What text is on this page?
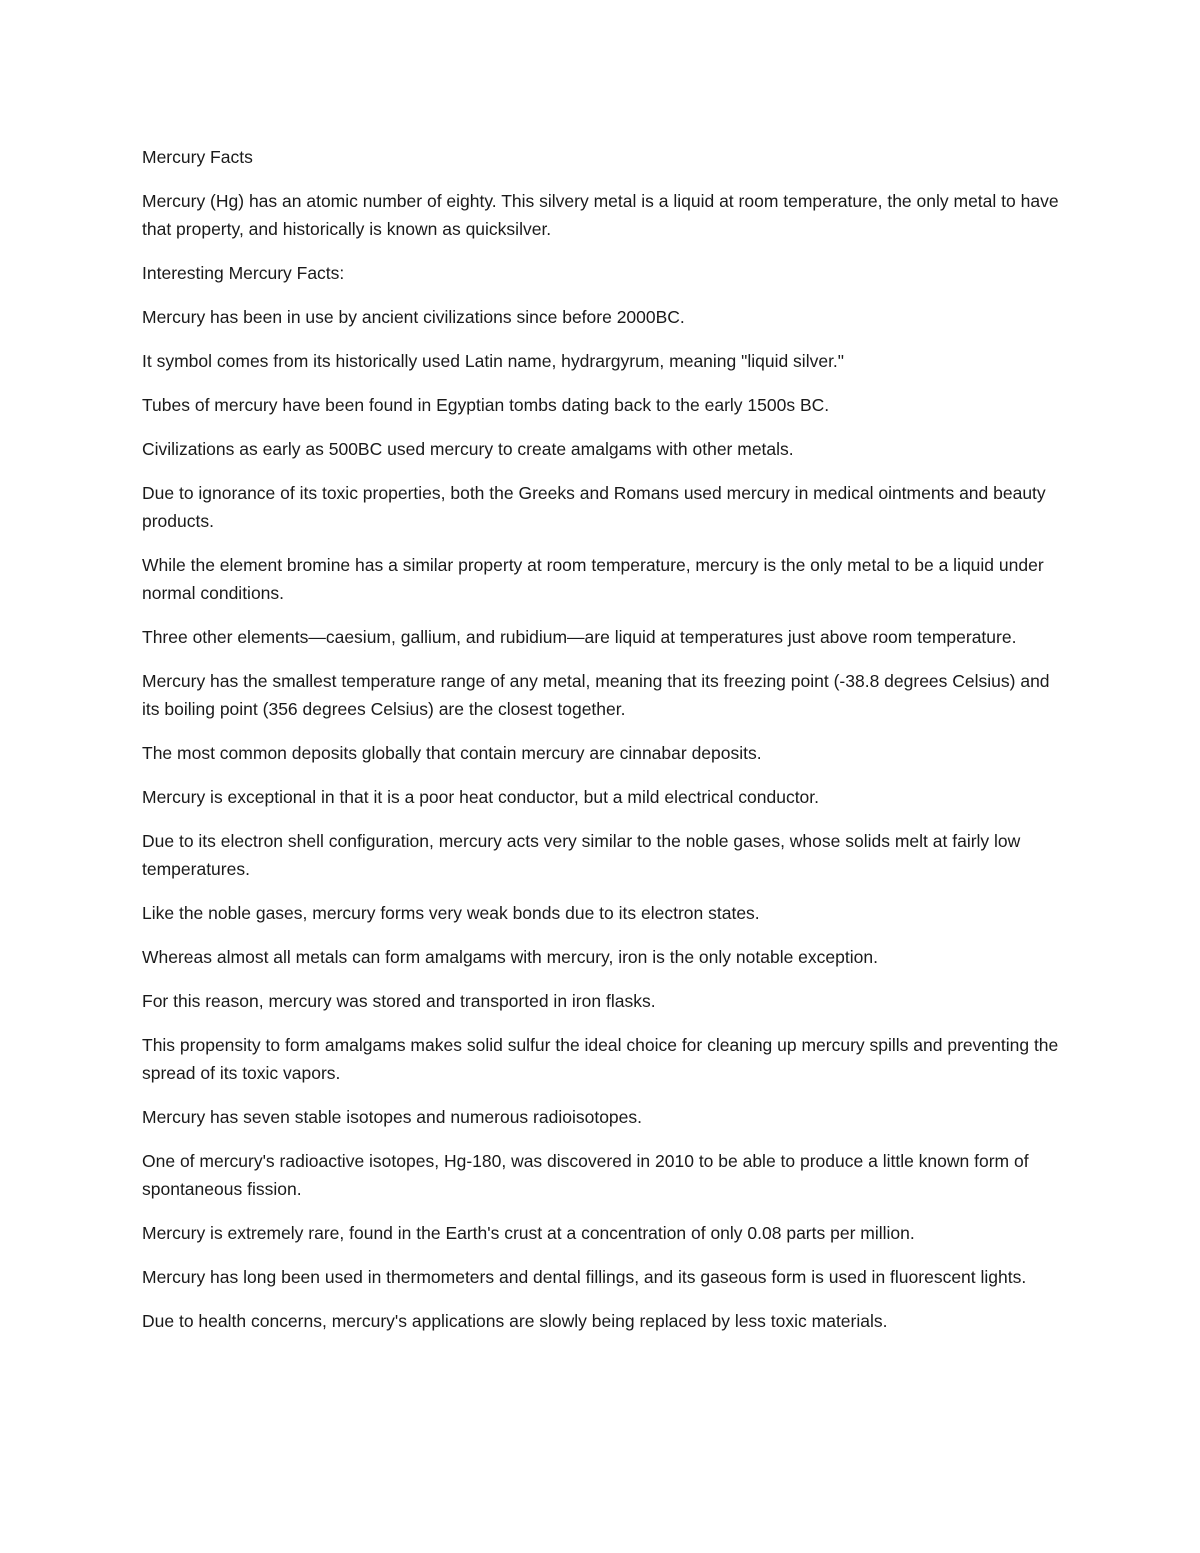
Mercury Facts

Mercury (Hg) has an atomic number of eighty. This silvery metal is a liquid at room temperature, the only metal to have that property, and historically is known as quicksilver.

Interesting Mercury Facts:

Mercury has been in use by ancient civilizations since before 2000BC.

It symbol comes from its historically used Latin name, hydrargyrum, meaning "liquid silver."

Tubes of mercury have been found in Egyptian tombs dating back to the early 1500s BC.

Civilizations as early as 500BC used mercury to create amalgams with other metals.

Due to ignorance of its toxic properties, both the Greeks and Romans used mercury in medical ointments and beauty products.

While the element bromine has a similar property at room temperature, mercury is the only metal to be a liquid under normal conditions.

Three other elements—caesium, gallium, and rubidium—are liquid at temperatures just above room temperature.

Mercury has the smallest temperature range of any metal, meaning that its freezing point (-38.8 degrees Celsius) and its boiling point (356 degrees Celsius) are the closest together.

The most common deposits globally that contain mercury are cinnabar deposits.

Mercury is exceptional in that it is a poor heat conductor, but a mild electrical conductor.

Due to its electron shell configuration, mercury acts very similar to the noble gases, whose solids melt at fairly low temperatures.

Like the noble gases, mercury forms very weak bonds due to its electron states.

Whereas almost all metals can form amalgams with mercury, iron is the only notable exception.

For this reason, mercury was stored and transported in iron flasks.

This propensity to form amalgams makes solid sulfur the ideal choice for cleaning up mercury spills and preventing the spread of its toxic vapors.

Mercury has seven stable isotopes and numerous radioisotopes.

One of mercury's radioactive isotopes, Hg-180, was discovered in 2010 to be able to produce a little known form of spontaneous fission.

Mercury is extremely rare, found in the Earth's crust at a concentration of only 0.08 parts per million.

Mercury has long been used in thermometers and dental fillings, and its gaseous form is used in fluorescent lights.

Due to health concerns, mercury's applications are slowly being replaced by less toxic materials.
